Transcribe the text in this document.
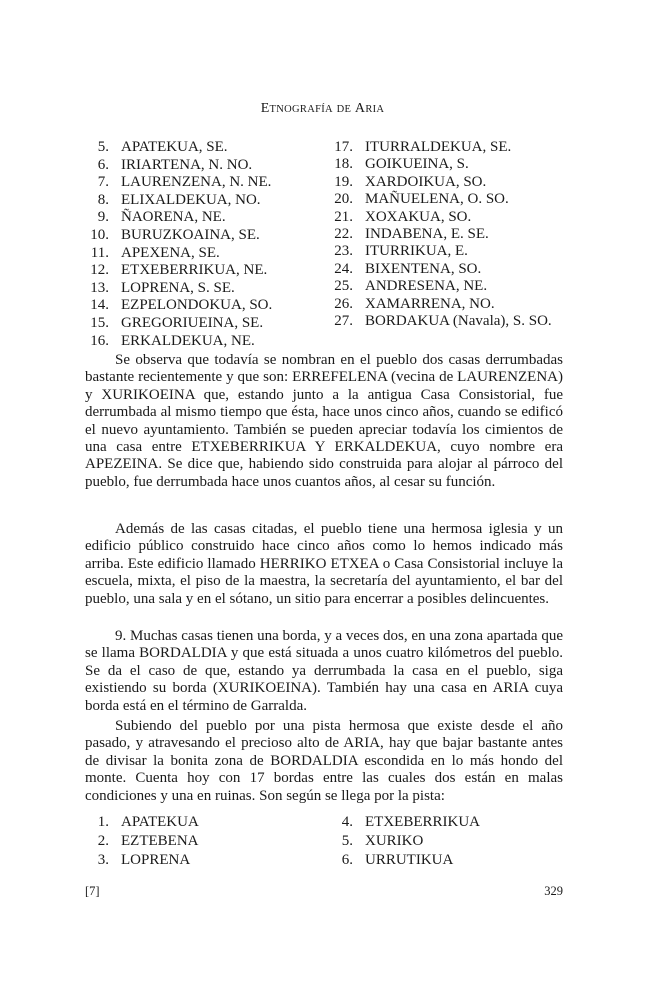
ETNOGRAFÍA DE ARIA
5. APATEKUA, SE.
6. IRIARTENA, N. NO.
7. LAURENZENA, N. NE.
8. ELIXALDEKUA, NO.
9. ÑAORENA, NE.
10. BURUZKOAINA, SE.
11. APEXENA, SE.
12. ETXEBERRIKUA, NE.
13. LOPRENA, S. SE.
14. EZPELONDOKUA, SO.
15. GREGORIUEINA, SE.
16. ERKALDEKUA, NE.
17. ITURRALDEKUA, SE.
18. GOIKUEINA, S.
19. XARDOIKUA, SO.
20. MAÑUELENA, O. SO.
21. XOXAKUA, SO.
22. INDABENA, E. SE.
23. ITURRIKUA, E.
24. BIXENTENA, SO.
25. ANDRESENA, NE.
26. XAMARRENA, NO.
27. BORDAKUA (Navala), S. SO.

Se observa que todavía se nombran en el pueblo dos casas derrumbadas bastante recientemente y que son: ERREFELENA (vecina de LAURENZENA) y XURIKOEINA que, estando junto a la antigua Casa Consistorial, fue derrumbada al mismo tiempo que ésta, hace unos cinco años, cuando se edificó el nuevo ayuntamiento. También se pueden apreciar todavía los cimientos de una casa entre ETXEBERRIKUA Y ERKALDEKUA, cuyo nombre era APEZEINA. Se dice que, habiendo sido construida para alojar al párroco del pueblo, fue derrumbada hace unos cuantos años, al cesar su función.

Además de las casas citadas, el pueblo tiene una hermosa iglesia y un edificio público construido hace cinco años como lo hemos indicado más arriba. Este edificio llamado HERRIKO ETXEA o Casa Consistorial incluye la escuela, mixta, el piso de la maestra, la secretaría del ayuntamiento, el bar del pueblo, una sala y en el sótano, un sitio para encerrar a posibles delincuentes.

9. Muchas casas tienen una borda, y a veces dos, en una zona apartada que se llama BORDALDIA y que está situada a unos cuatro kilómetros del pueblo. Se da el caso de que, estando ya derrumbada la casa en el pueblo, siga existiendo su borda (XURIKOEINA). También hay una casa en ARIA cuya borda está en el término de Garralda.

Subiendo del pueblo por una pista hermosa que existe desde el año pasado, y atravesando el precioso alto de ARIA, hay que bajar bastante antes de divisar la bonita zona de BORDALDIA escondida en lo más hondo del monte. Cuenta hoy con 17 bordas entre las cuales dos están en malas condiciones y una en ruinas. Son según se llega por la pista:

1. APATEKUA
2. EZTEBENA
3. LOPRENA
4. ETXEBERRIKUA
5. XURIKO
6. URRUTIKUA
[7]	329
